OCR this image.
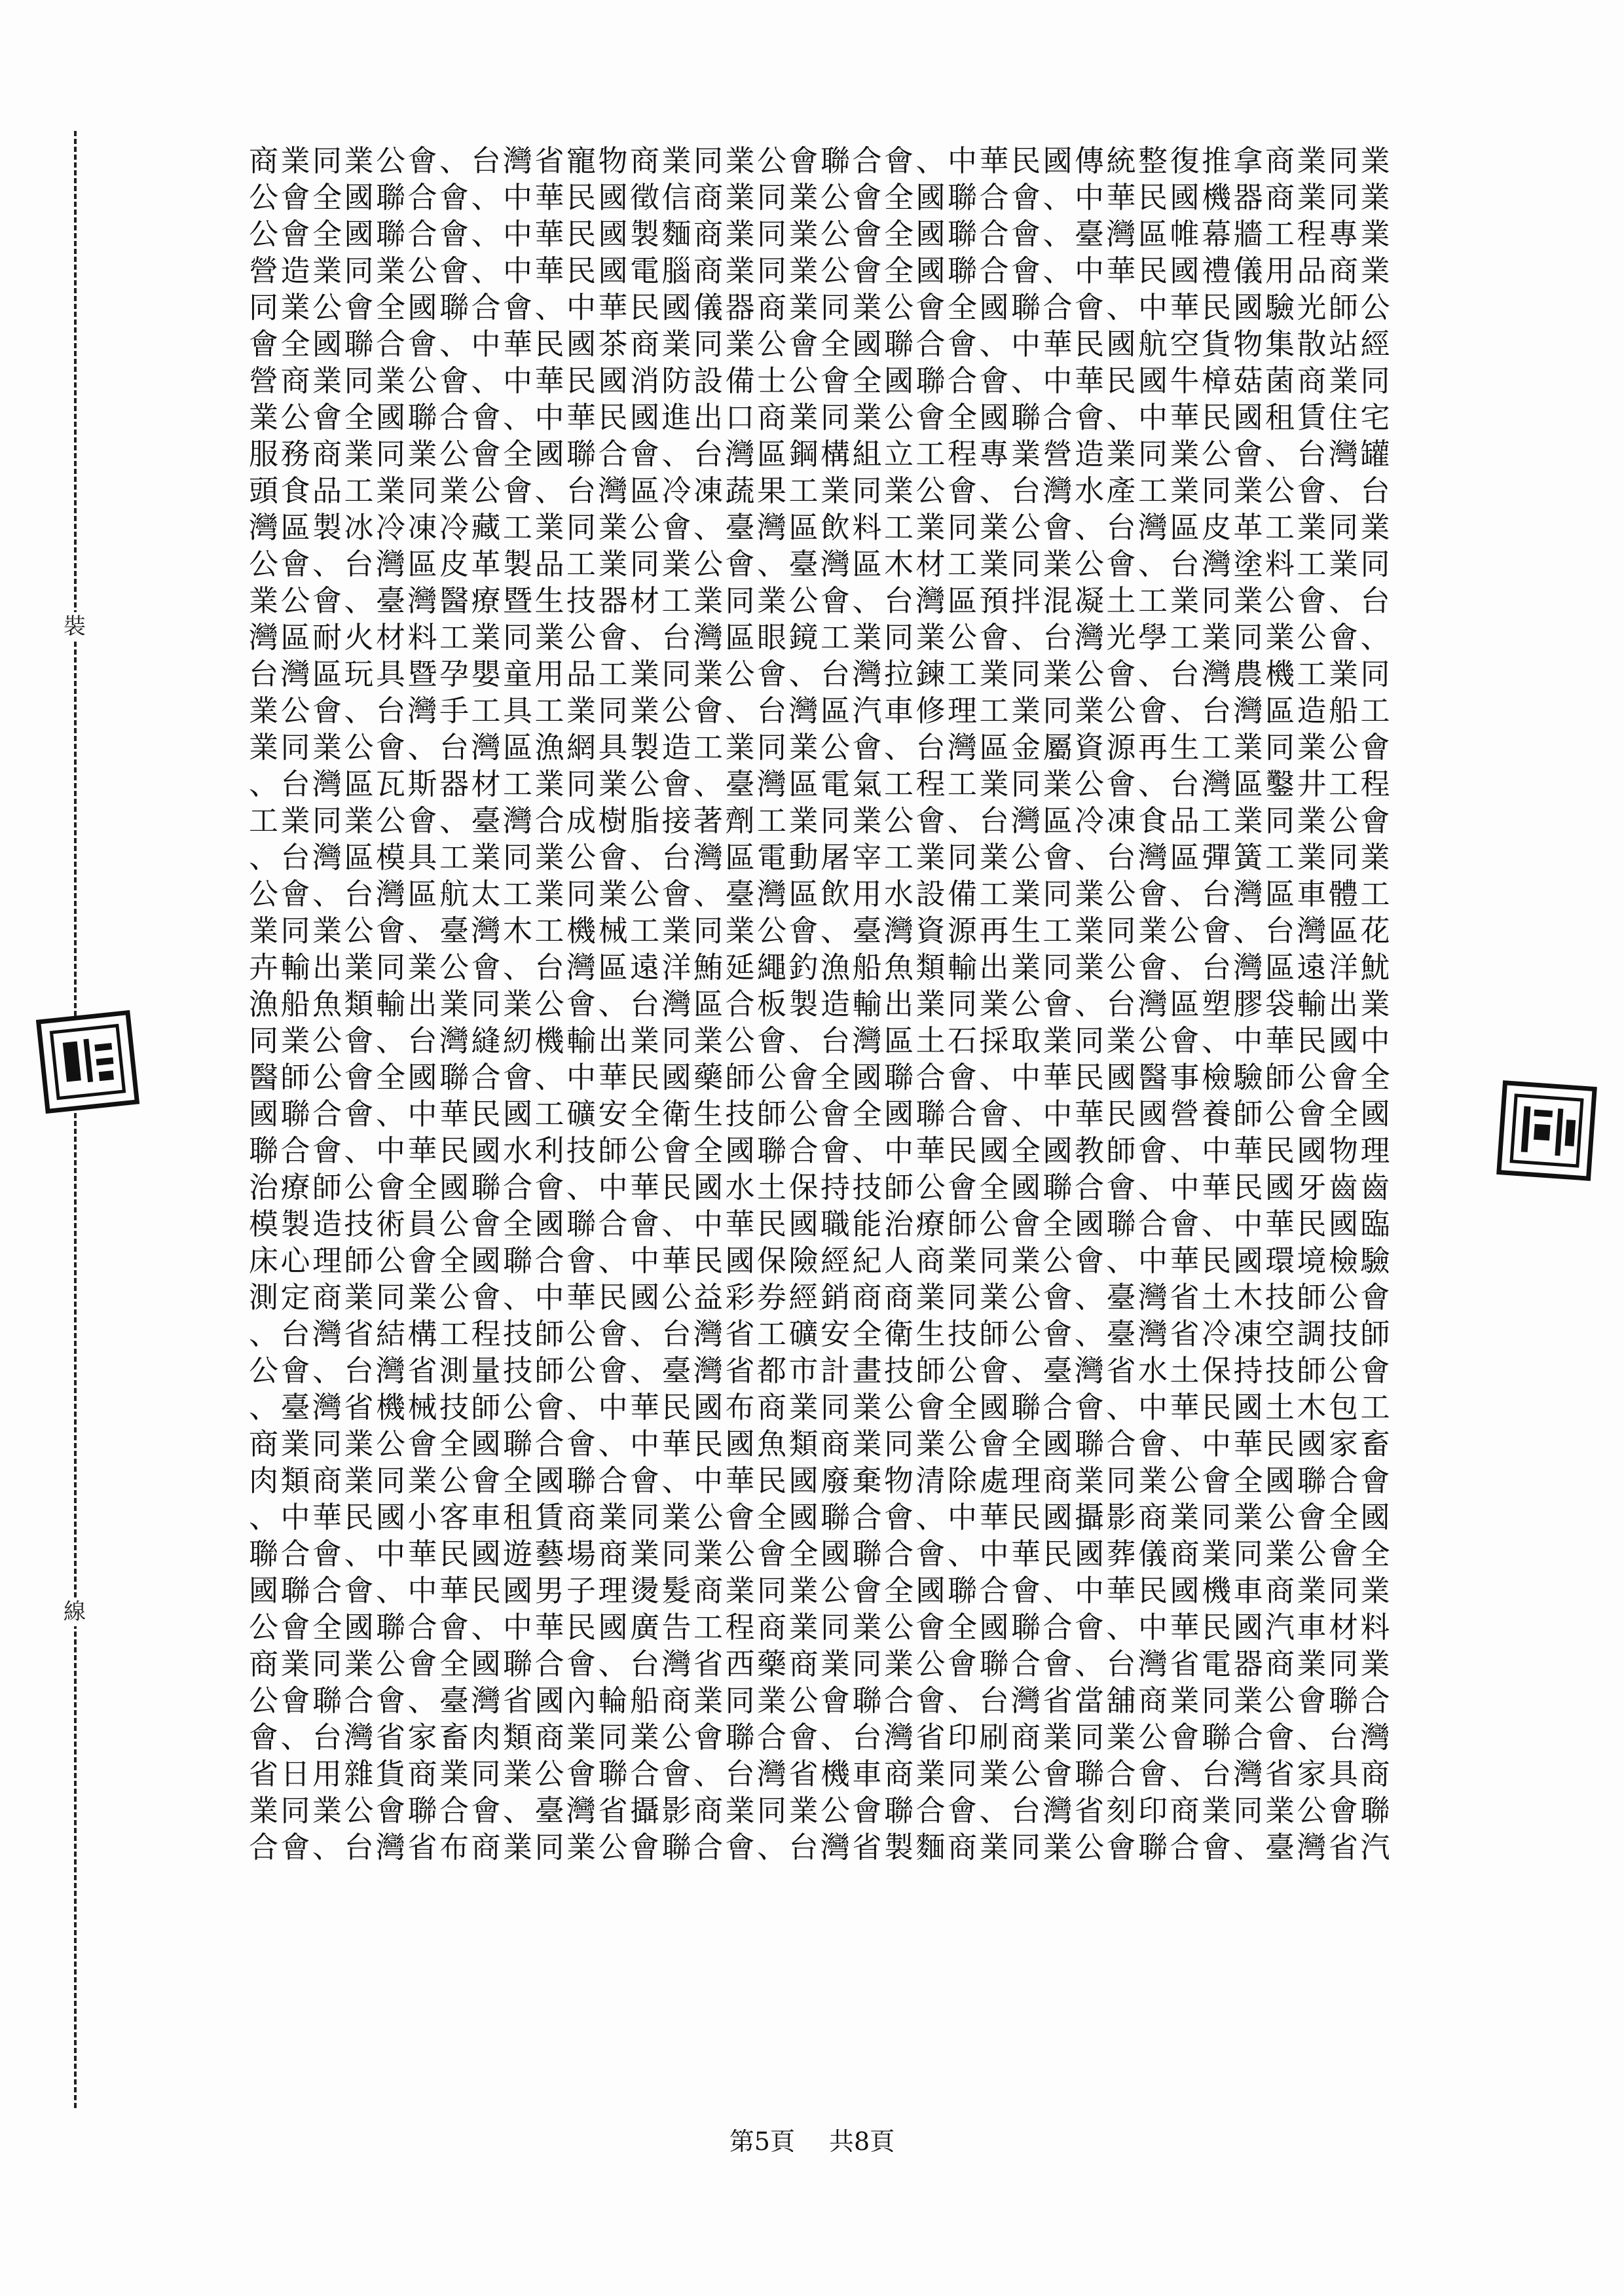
裝
線
商業同業公會、台灣省寵物商業同業公會聯合會、中華民國傳統整復推拿商業同業
公會全國聯合會、中華民國徵信商業同業公會全國聯合會、中華民國機器商業同業
公會全國聯合會、中華民國製麵商業同業公會全國聯合會、臺灣區帷幕牆工程專業
營造業同業公會、中華民國電腦商業同業公會全國聯合會、中華民國禮儀用品商業
同業公會全國聯合會、中華民國儀器商業同業公會全國聯合會、中華民國驗光師公
會全國聯合會、中華民國茶商業同業公會全國聯合會、中華民國航空貨物集散站經
營商業同業公會、中華民國消防設備士公會全國聯合會、中華民國牛樟菇菌商業同
業公會全國聯合會、中華民國進出口商業同業公會全國聯合會、中華民國租賃住宅
服務商業同業公會全國聯合會、台灣區鋼構組立工程專業營造業同業公會、台灣罐
頭食品工業同業公會、台灣區冷凍蔬果工業同業公會、台灣水產工業同業公會、台
灣區製冰冷凍冷藏工業同業公會、臺灣區飲料工業同業公會、台灣區皮革工業同業
公會、台灣區皮革製品工業同業公會、臺灣區木材工業同業公會、台灣塗料工業同
業公會、臺灣醫療暨生技器材工業同業公會、台灣區預拌混凝土工業同業公會、台
灣區耐火材料工業同業公會、台灣區眼鏡工業同業公會、台灣光學工業同業公會、
台灣區玩具暨孕嬰童用品工業同業公會、台灣拉鍊工業同業公會、台灣農機工業同
業公會、台灣手工具工業同業公會、台灣區汽車修理工業同業公會、台灣區造船工
業同業公會、台灣區漁網具製造工業同業公會、台灣區金屬資源再生工業同業公會
、台灣區瓦斯器材工業同業公會、臺灣區電氣工程工業同業公會、台灣區鑿井工程
工業同業公會、臺灣合成樹脂接著劑工業同業公會、台灣區冷凍食品工業同業公會
、台灣區模具工業同業公會、台灣區電動屠宰工業同業公會、台灣區彈簧工業同業
公會、台灣區航太工業同業公會、臺灣區飲用水設備工業同業公會、台灣區車體工
業同業公會、臺灣木工機械工業同業公會、臺灣資源再生工業同業公會、台灣區花
卉輸出業同業公會、台灣區遠洋鮪延繩釣漁船魚類輸出業同業公會、台灣區遠洋魷
漁船魚類輸出業同業公會、台灣區合板製造輸出業同業公會、台灣區塑膠袋輸出業
同業公會、台灣縫紉機輸出業同業公會、台灣區土石採取業同業公會、中華民國中
醫師公會全國聯合會、中華民國藥師公會全國聯合會、中華民國醫事檢驗師公會全
國聯合會、中華民國工礦安全衛生技師公會全國聯合會、中華民國營養師公會全國
聯合會、中華民國水利技師公會全國聯合會、中華民國全國教師會、中華民國物理
治療師公會全國聯合會、中華民國水土保持技師公會全國聯合會、中華民國牙齒齒
模製造技術員公會全國聯合會、中華民國職能治療師公會全國聯合會、中華民國臨
床心理師公會全國聯合會、中華民國保險經紀人商業同業公會、中華民國環境檢驗
測定商業同業公會、中華民國公益彩券經銷商商業同業公會、臺灣省土木技師公會
、台灣省結構工程技師公會、台灣省工礦安全衛生技師公會、臺灣省冷凍空調技師
公會、台灣省測量技師公會、臺灣省都市計畫技師公會、臺灣省水土保持技師公會
、臺灣省機械技師公會、中華民國布商業同業公會全國聯合會、中華民國土木包工
商業同業公會全國聯合會、中華民國魚類商業同業公會全國聯合會、中華民國家畜
肉類商業同業公會全國聯合會、中華民國廢棄物清除處理商業同業公會全國聯合會
、中華民國小客車租賃商業同業公會全國聯合會、中華民國攝影商業同業公會全國
聯合會、中華民國遊藝場商業同業公會全國聯合會、中華民國葬儀商業同業公會全
國聯合會、中華民國男子理燙髮商業同業公會全國聯合會、中華民國機車商業同業
公會全國聯合會、中華民國廣告工程商業同業公會全國聯合會、中華民國汽車材料
商業同業公會全國聯合會、台灣省西藥商業同業公會聯合會、台灣省電器商業同業
公會聯合會、臺灣省國內輪船商業同業公會聯合會、台灣省當舖商業同業公會聯合
會、台灣省家畜肉類商業同業公會聯合會、台灣省印刷商業同業公會聯合會、台灣
省日用雜貨商業同業公會聯合會、台灣省機車商業同業公會聯合會、台灣省家具商
業同業公會聯合會、臺灣省攝影商業同業公會聯合會、台灣省刻印商業同業公會聯
合會、台灣省布商業同業公會聯合會、台灣省製麵商業同業公會聯合會、臺灣省汽
第5頁 共8頁
